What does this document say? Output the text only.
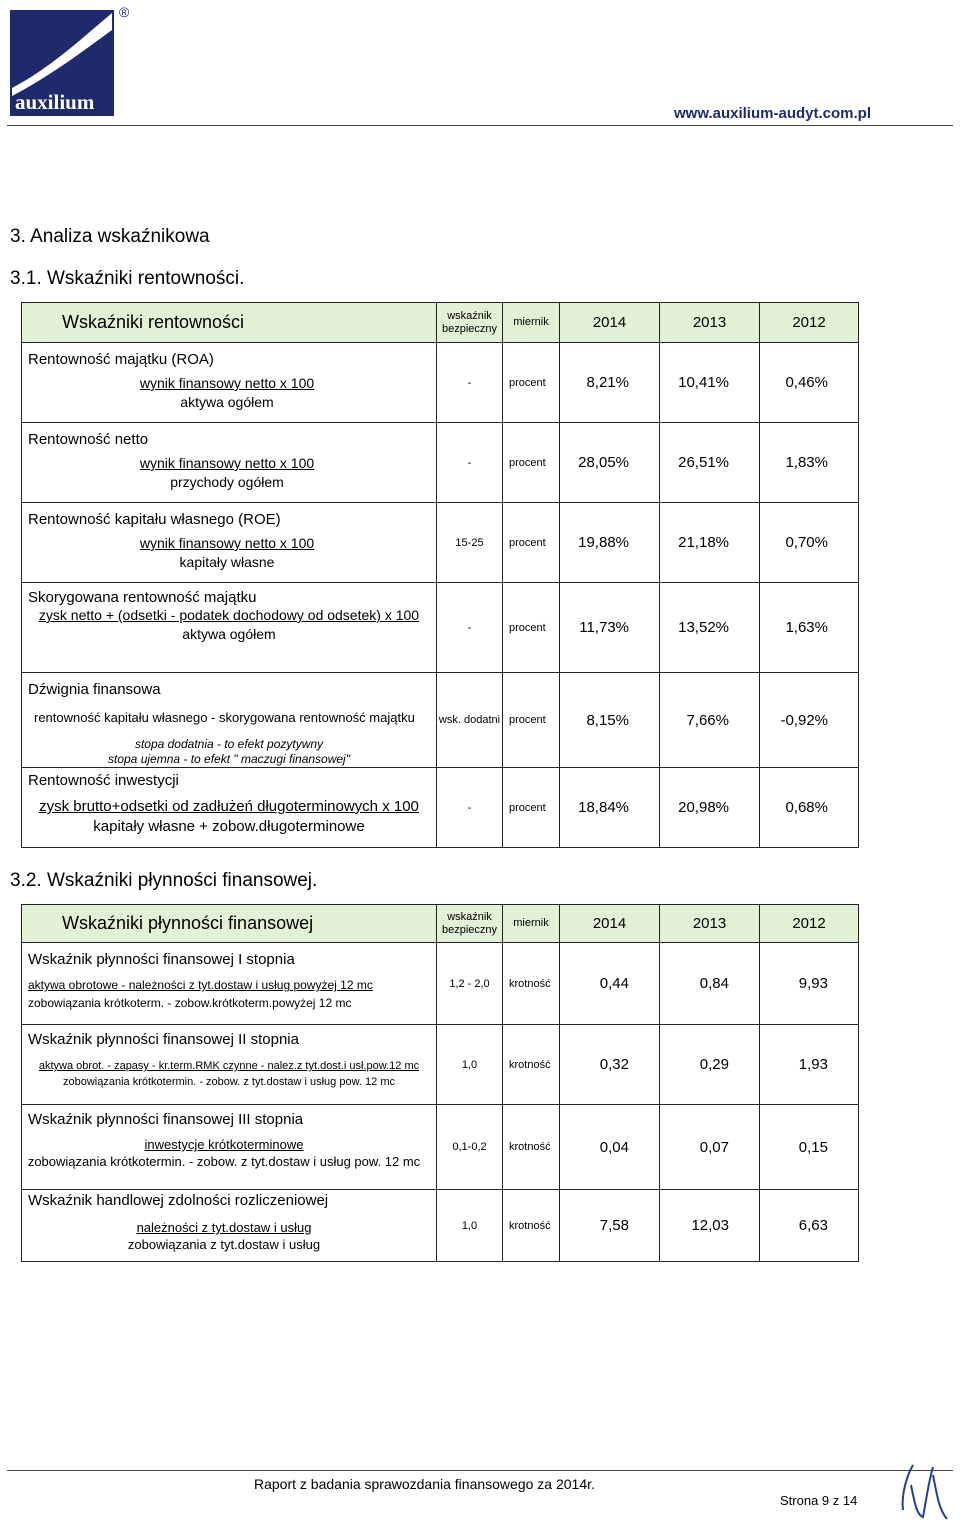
auxilium
®
www.auxilium-audyt.com.pl
3. Analiza wskaźnikowa
3.1. Wskaźniki rentowności.
Wskaźniki rentowności	wskaźnik bezpieczny	miernik	2014	2013	2012

Rentowność majątku (ROA)
wynik finansowy netto x 100
aktywa ogółem	-	procent	8,21%	10,41%	0,46%

Rentowność netto
wynik finansowy netto x 100
przychody ogółem	-	procent	28,05%	26,51%	1,83%

Rentowność kapitału własnego (ROE)
wynik finansowy netto x 100
kapitały własne	15-25	procent	19,88%	21,18%	0,70%

Skorygowana rentowność majątku
zysk netto + (odsetki - podatek dochodowy od odsetek) x 100
aktywa ogółem	-	procent	11,73%	13,52%	1,63%

Dźwignia finansowa
rentowność kapitału własnego - skorygowana rentowność majątku
stopa dodatnia - to efekt pozytywny
stopa ujemna - to efekt " maczugi finansowej"	wsk. dodatni	procent	8,15%	7,66%	-0,92%

Rentowność inwestycji
zysk brutto+odsetki od zadłużeń długoterminowych x 100
kapitały własne + zobow.długoterminowe	-	procent	18,84%	20,98%	0,68%
3.2. Wskaźniki płynności finansowej.
Wskaźniki płynności finansowej	wskaźnik bezpieczny	miernik	2014	2013	2012

Wskaźnik płynności finansowej I stopnia
aktywa obrotowe - należności z tyt.dostaw i usług powyżej 12 mc
zobowiązania krótkoterm. - zobow.krótkoterm.powyżej 12 mc	1,2 - 2,0	krotność	0,44	0,84	9,93

Wskaźnik płynności finansowej II stopnia
aktywa obrot. - zapasy - kr.term.RMK czynne - nalez.z tyt.dost.i usł.pow.12 mc
zobowiązania krótkotermin. - zobow. z tyt.dostaw i usług pow. 12 mc	1,0	krotność	0,32	0,29	1,93

Wskaźnik płynności finansowej III stopnia
inwestycje krótkoterminowe
zobowiązania krótkotermin. - zobow. z tyt.dostaw i usług pow. 12 mc	0,1-0,2	krotność	0,04	0,07	0,15

Wskaźnik handlowej zdolności rozliczeniowej
należności z tyt.dostaw i usług
zobowiązania z tyt.dostaw i usług	1,0	krotność	7,58	12,03	6,63
Raport z badania sprawozdania finansowego za 2014r.
Strona 9 z 14
